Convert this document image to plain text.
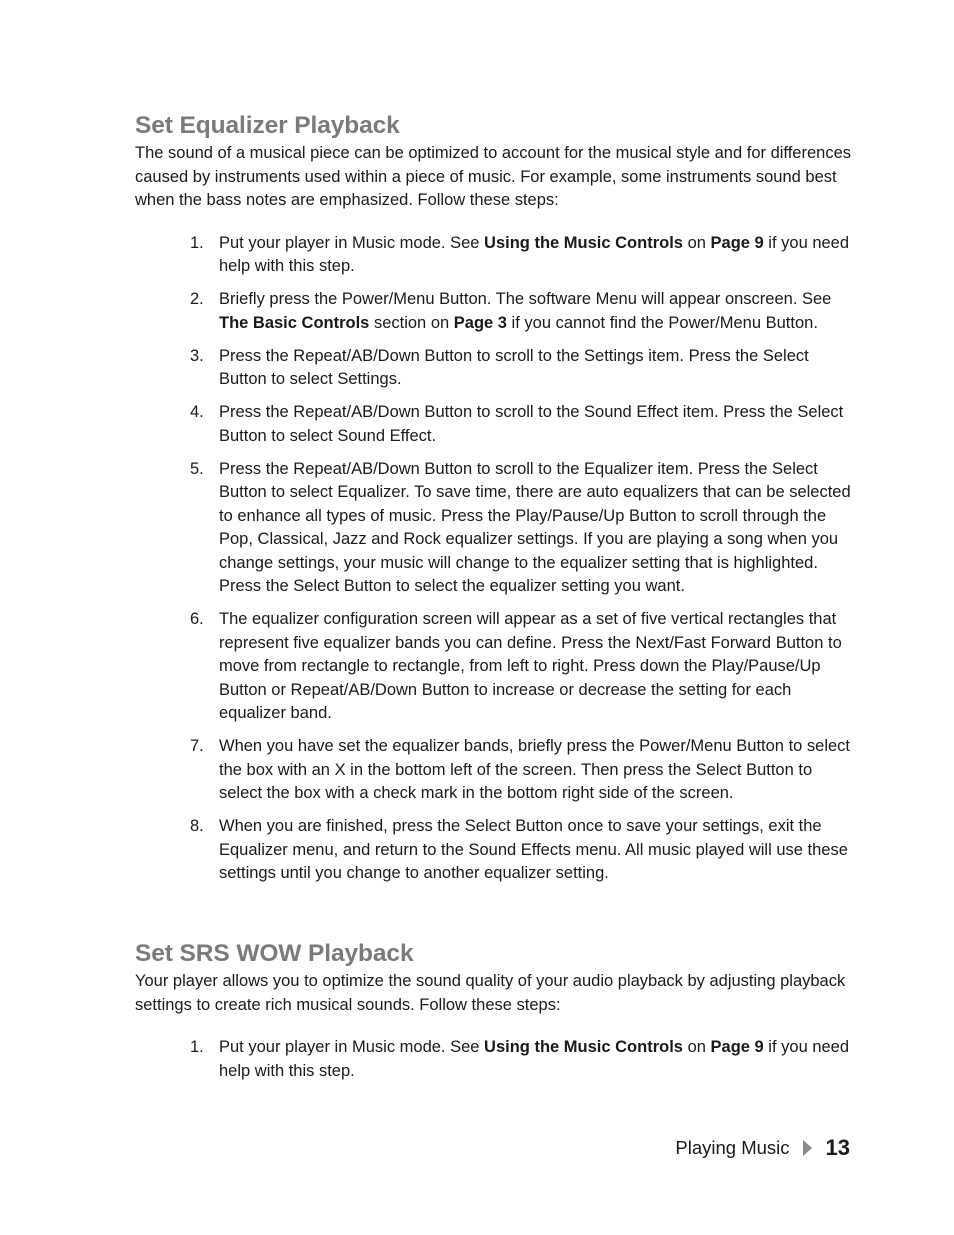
Set Equalizer Playback

The sound of a musical piece can be optimized to account for the musical style and for differences caused by instruments used within a piece of music. For example, some instruments sound best when the bass notes are emphasized. Follow these steps:

1. Put your player in Music mode. See Using the Music Controls on Page 9 if you need help with this step.
2. Briefly press the Power/Menu Button. The software Menu will appear onscreen. See The Basic Controls section on Page 3 if you cannot find the Power/Menu Button.
3. Press the Repeat/AB/Down Button to scroll to the Settings item. Press the Select Button to select Settings.
4. Press the Repeat/AB/Down Button to scroll to the Sound Effect item. Press the Select Button to select Sound Effect.
5. Press the Repeat/AB/Down Button to scroll to the Equalizer item. Press the Select Button to select Equalizer. To save time, there are auto equalizers that can be selected to enhance all types of music. Press the Play/Pause/Up Button to scroll through the Pop, Classical, Jazz and Rock equalizer settings. If you are playing a song when you change settings, your music will change to the equalizer setting that is highlighted. Press the Select Button to select the equalizer setting you want.
6. The equalizer configuration screen will appear as a set of five vertical rectangles that represent five equalizer bands you can define. Press the Next/Fast Forward Button to move from rectangle to rectangle, from left to right. Press down the Play/Pause/Up Button or Repeat/AB/Down Button to increase or decrease the setting for each equalizer band.
7. When you have set the equalizer bands, briefly press the Power/Menu Button to select the box with an X in the bottom left of the screen. Then press the Select Button to select the box with a check mark in the bottom right side of the screen.
8. When you are finished, press the Select Button once to save your settings, exit the Equalizer menu, and return to the Sound Effects menu. All music played will use these settings until you change to another equalizer setting.
Set SRS WOW Playback

Your player allows you to optimize the sound quality of your audio playback by adjusting playback settings to create rich musical sounds. Follow these steps:

1. Put your player in Music mode. See Using the Music Controls on Page 9 if you need help with this step.
Playing Music 13
